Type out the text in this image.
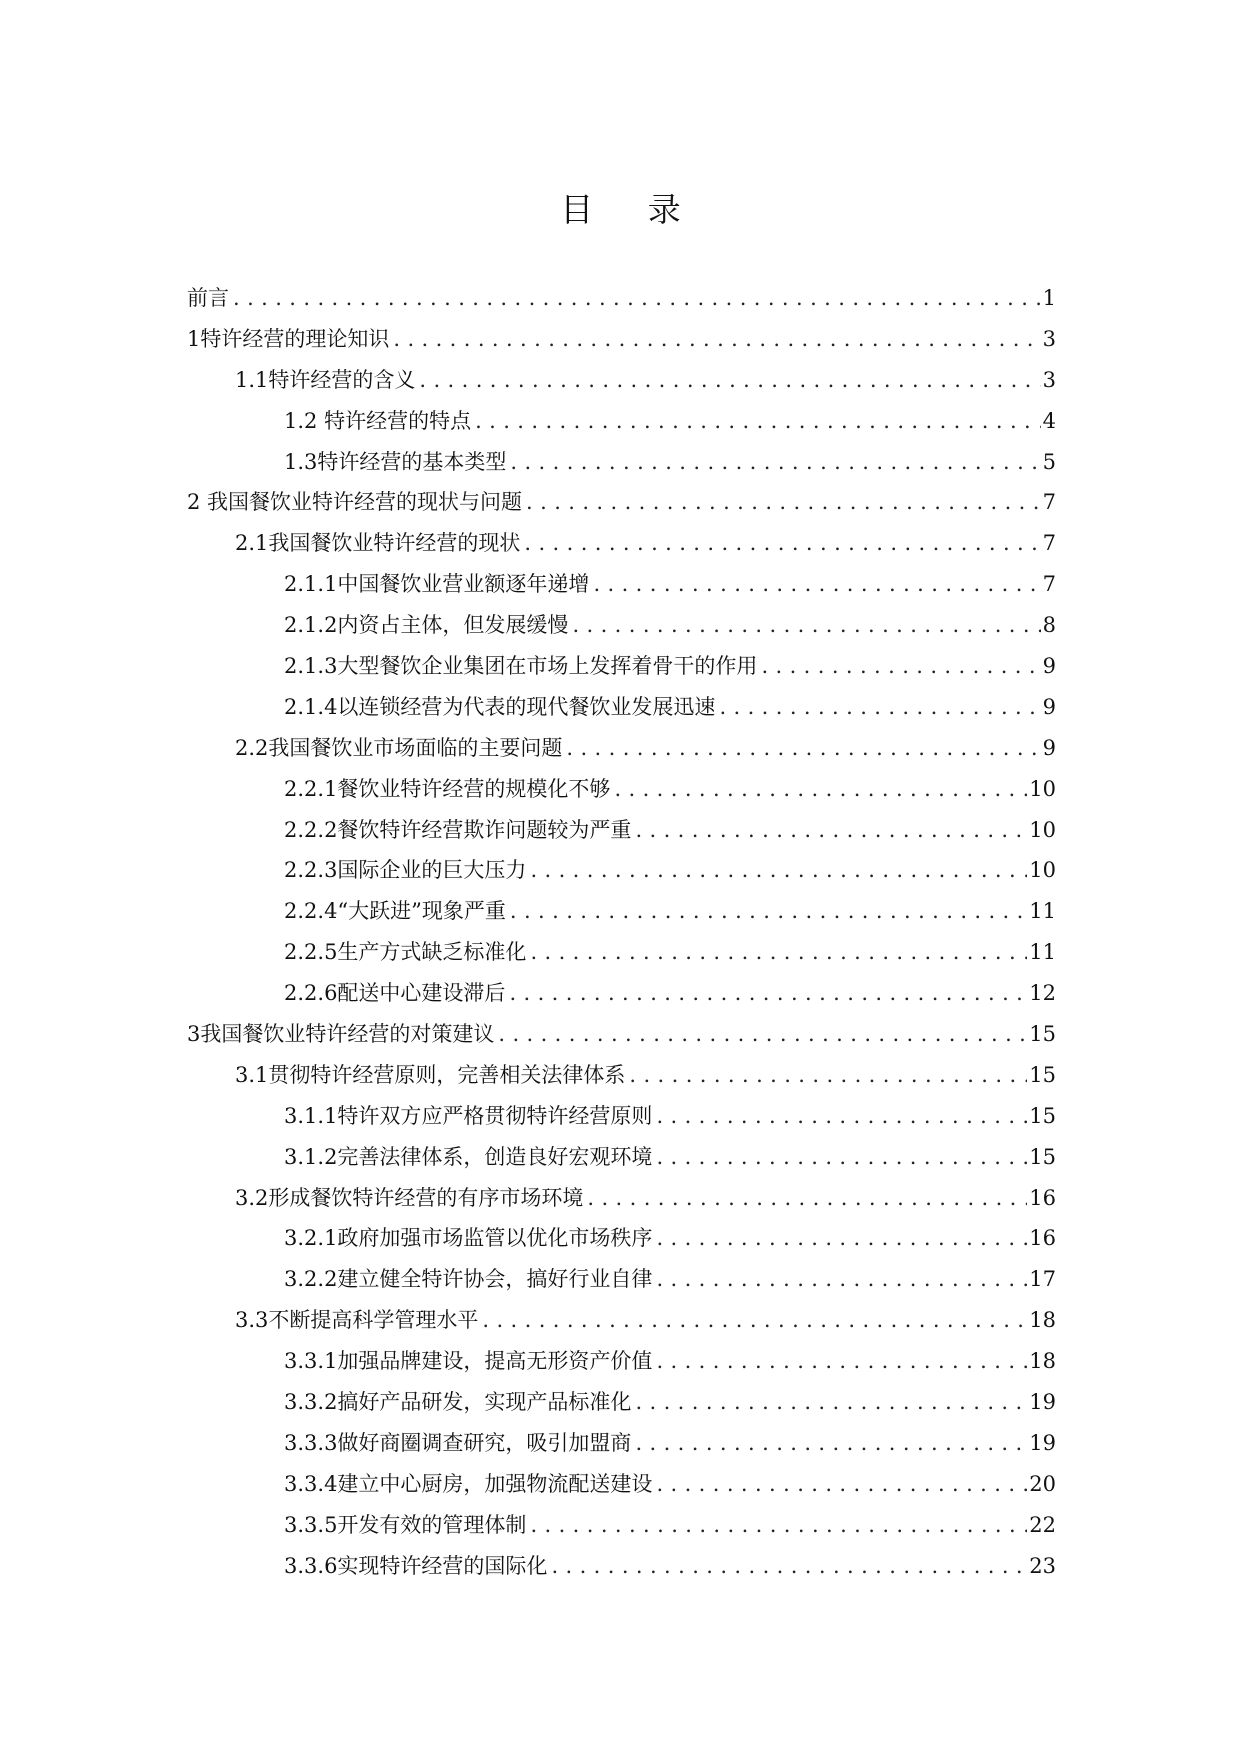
目 录
前言 .....	1
1特许经营的理论知识 .....	3
1.1特许经营的含义 .....	3
1.2 特许经营的特点 .....	4
1.3特许经营的基本类型 .....	5
2 我国餐饮业特许经营的现状与问题 .....	7
2.1我国餐饮业特许经营的现状 .....	7
2.1.1中国餐饮业营业额逐年递增 .....	7
2.1.2内资占主体，但发展缓慢 .....	8
2.1.3大型餐饮企业集团在市场上发挥着骨干的作用 .....	9
2.1.4以连锁经营为代表的现代餐饮业发展迅速 .....	9
2.2我国餐饮业市场面临的主要问题 .....	9
2.2.1餐饮业特许经营的规模化不够 .....	10
2.2.2餐饮特许经营欺诈问题较为严重 .....	10
2.2.3国际企业的巨大压力 .....	10
2.2.4“大跃进”现象严重 .....	11
2.2.5生产方式缺乏标准化 .....	11
2.2.6配送中心建设滞后 .....	12
3我国餐饮业特许经营的对策建议 .....	15
3.1贯彻特许经营原则，完善相关法律体系 .....	15
3.1.1特许双方应严格贯彻特许经营原则 .....	15
3.1.2完善法律体系，创造良好宏观环境 .....	15
3.2形成餐饮特许经营的有序市场环境 .....	16
3.2.1政府加强市场监管以优化市场秩序 .....	16
3.2.2建立健全特许协会，搞好行业自律 .....	17
3.3不断提高科学管理水平 .....	18
3.3.1加强品牌建设，提高无形资产价值 .....	18
3.3.2搞好产品研发，实现产品标准化 .....	19
3.3.3做好商圈调查研究，吸引加盟商 .....	19
3.3.4建立中心厨房，加强物流配送建设 .....	20
3.3.5开发有效的管理体制 .....	22
3.3.6实现特许经营的国际化 .....	23
